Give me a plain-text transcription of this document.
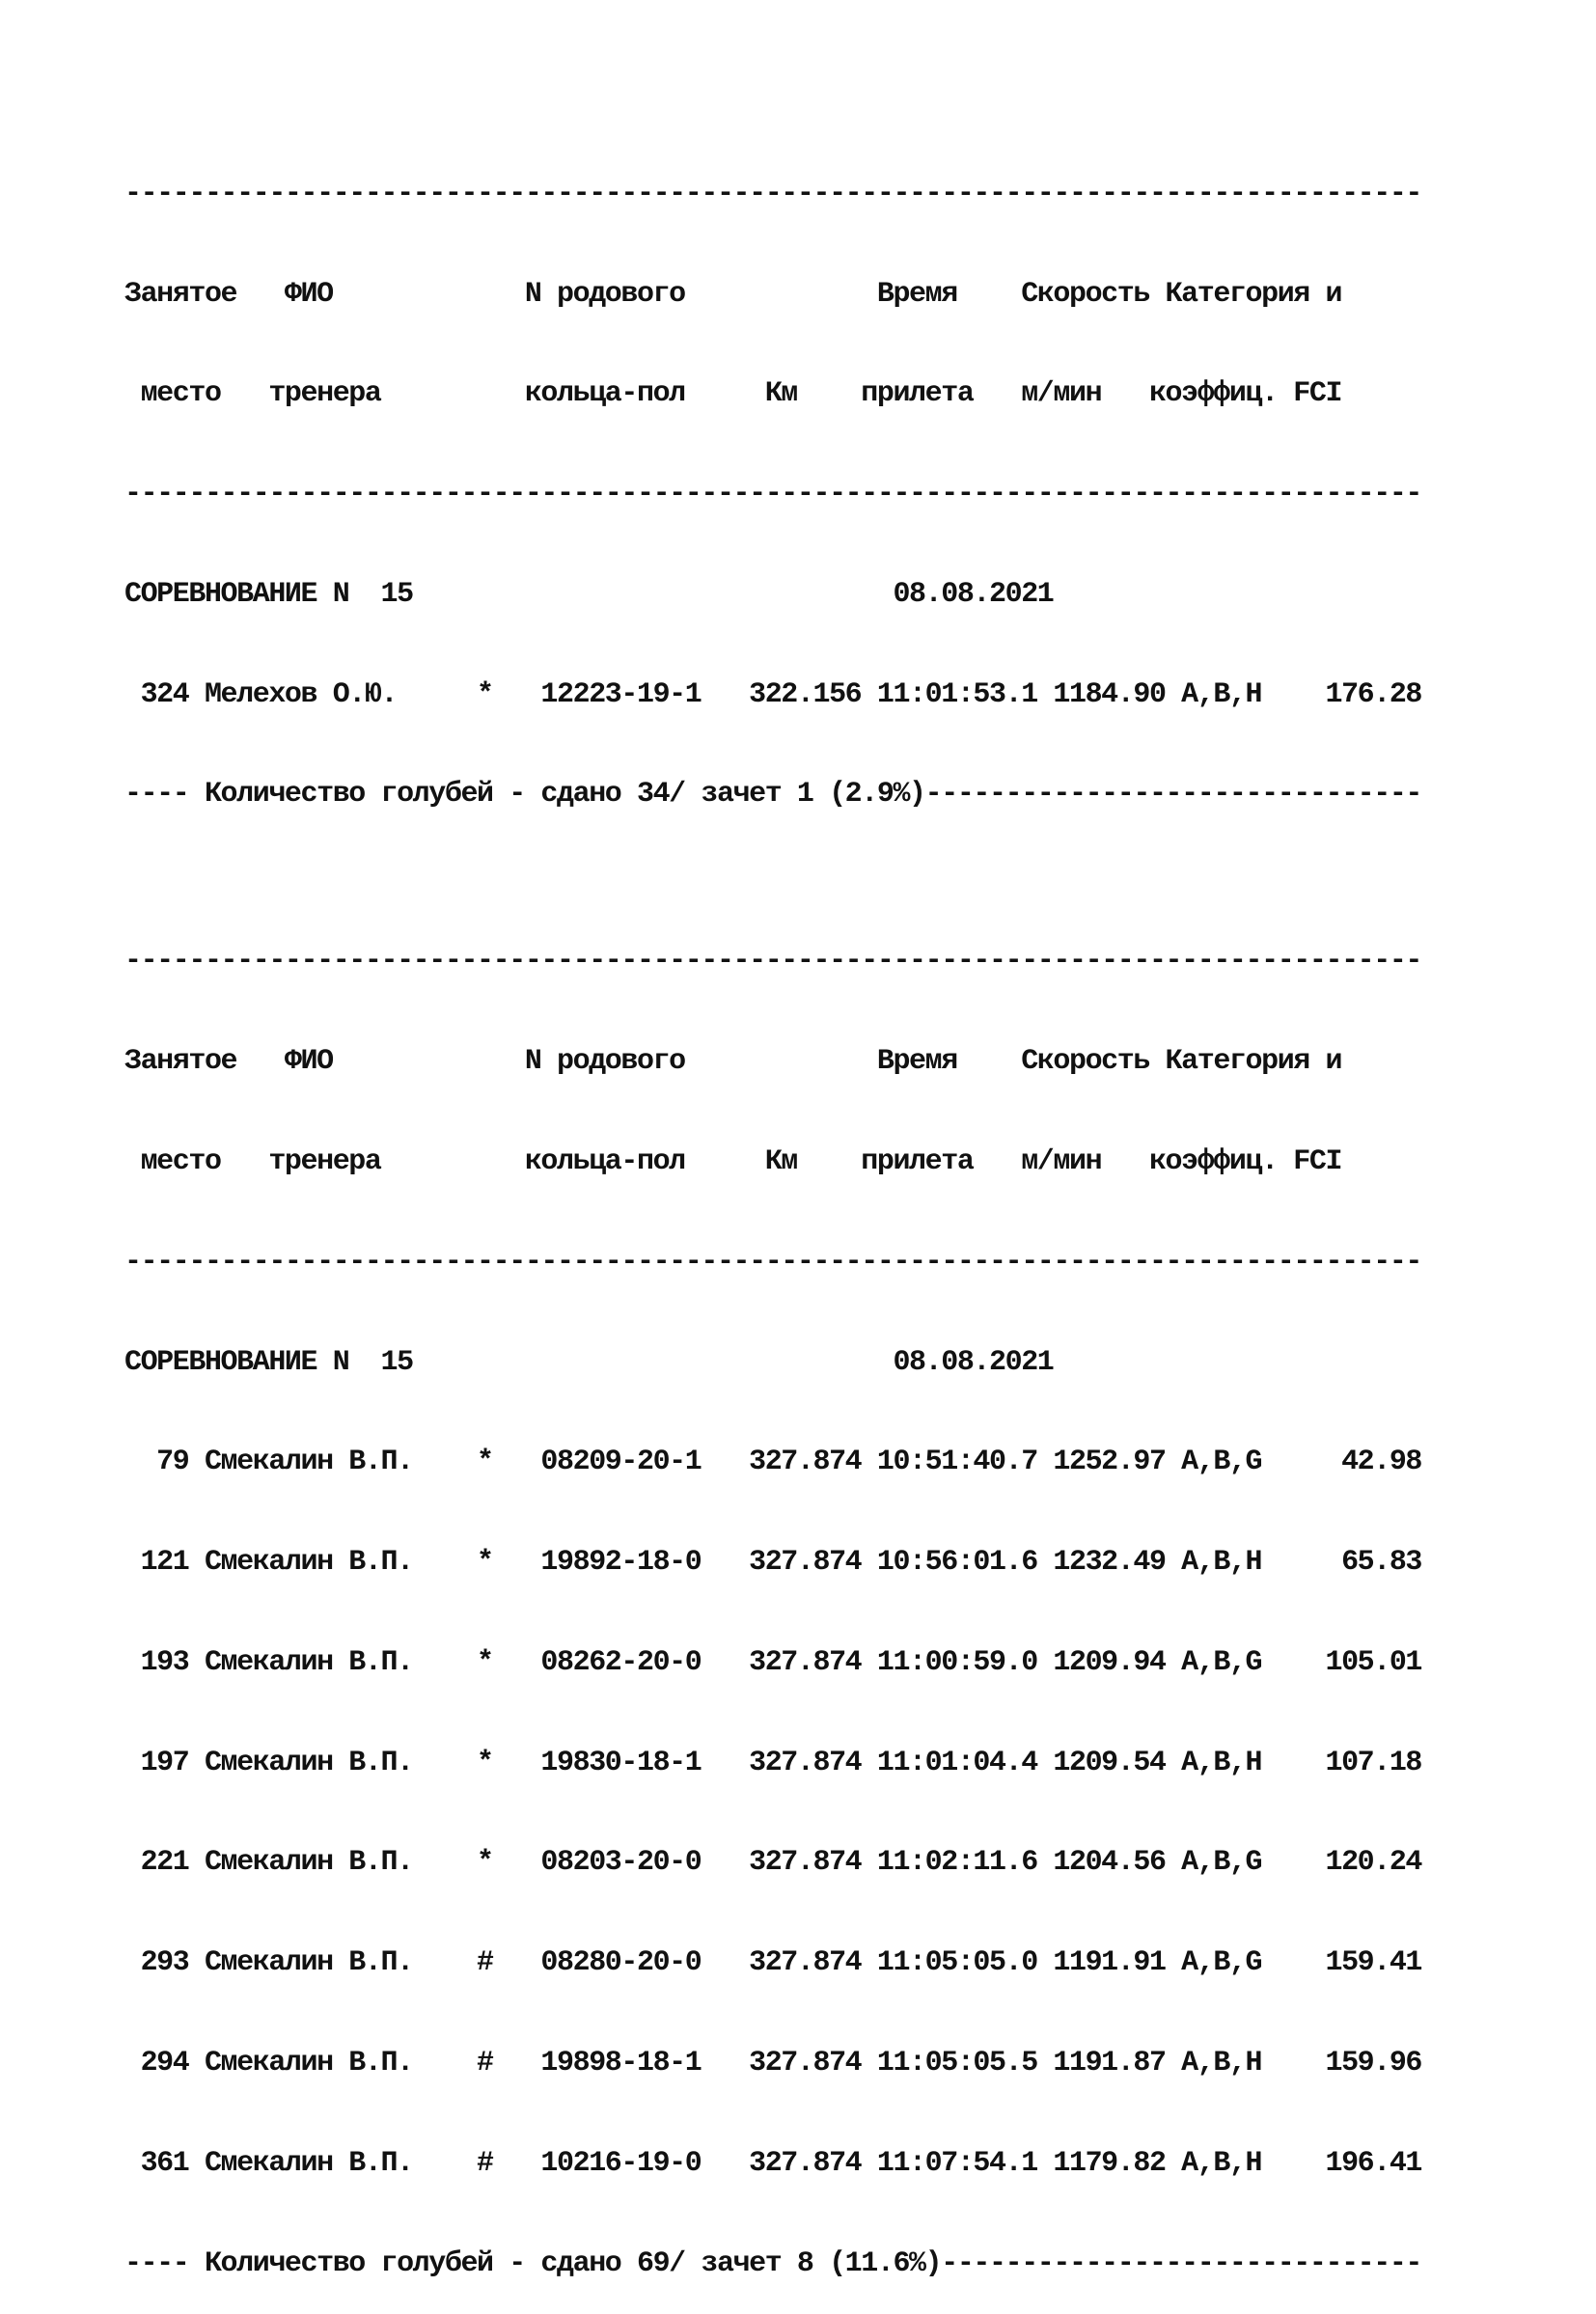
---------------------------------------------------------------------------------

Занятое   ФИО            N родового            Время    Скорость Категория и

место   тренера         кольца-пол     Км    прилета   м/мин   коэффиц. FCI

---------------------------------------------------------------------------------

СОРЕВНОВАНИЕ N  15                              08.08.2021

324 Мелехов О.Ю.     *   12223-19-1   322.156 11:01:53.1 1184.90 A,B,H    176.28

---- Количество голубей - сдано 34/ зачет 1 (2.9%)-------------------------------

---------------------------------------------------------------------------------

Занятое   ФИО            N родового            Время    Скорость Категория и

место   тренера         кольца-пол     Км    прилета   м/мин   коэффиц. FCI

---------------------------------------------------------------------------------

СОРЕВНОВАНИЕ N  15                              08.08.2021

79 Смекалин В.П.    *   08209-20-1   327.874 10:51:40.7 1252.97 A,B,G     42.98

121 Смекалин В.П.    *   19892-18-0   327.874 10:56:01.6 1232.49 A,B,H     65.83

193 Смекалин В.П.    *   08262-20-0   327.874 11:00:59.0 1209.94 A,B,G    105.01

197 Смекалин В.П.    *   19830-18-1   327.874 11:01:04.4 1209.54 A,B,H    107.18

221 Смекалин В.П.    *   08203-20-0   327.874 11:02:11.6 1204.56 A,B,G    120.24

293 Смекалин В.П.    #   08280-20-0   327.874 11:05:05.0 1191.91 A,B,G    159.41

294 Смекалин В.П.    #   19898-18-1   327.874 11:05:05.5 1191.87 A,B,H    159.96

361 Смекалин В.П.    #   10216-19-0   327.874 11:07:54.1 1179.82 A,B,H    196.41

---- Количество голубей - сдано 69/ зачет 8 (11.6%)------------------------------
